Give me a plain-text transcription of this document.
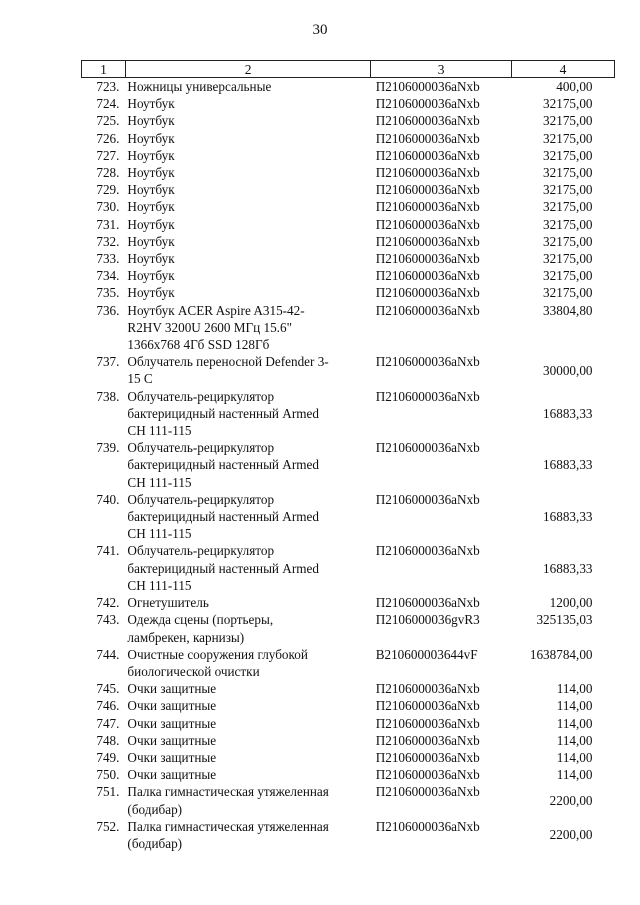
30
1	2	3	4
723.	Ножницы универсальные	П2106000036aNxb	400,00
724.	Ноутбук	П2106000036aNxb	32175,00
725.	Ноутбук	П2106000036aNxb	32175,00
726.	Ноутбук	П2106000036aNxb	32175,00
727.	Ноутбук	П2106000036aNxb	32175,00
728.	Ноутбук	П2106000036aNxb	32175,00
729.	Ноутбук	П2106000036aNxb	32175,00
730.	Ноутбук	П2106000036aNxb	32175,00
731.	Ноутбук	П2106000036aNxb	32175,00
732.	Ноутбук	П2106000036aNxb	32175,00
733.	Ноутбук	П2106000036aNxb	32175,00
734.	Ноутбук	П2106000036aNxb	32175,00
735.	Ноутбук	П2106000036aNxb	32175,00
736.	Ноутбук ACER Aspire A315-42-
R2HV 3200U 2600 МГц 15.6"
1366x768 4Гб SSD 128Гб	П2106000036aNxb	33804,80
737.	Облучатель переносной Defender 3-
15 С	П2106000036aNxb	30000,00
738.	Облучатель-рециркулятор
бактерицидный настенный Armed
СН 111-115	П2106000036aNxb	16883,33
739.	Облучатель-рециркулятор
бактерицидный настенный Armed
СН 111-115	П2106000036aNxb	16883,33
740.	Облучатель-рециркулятор
бактерицидный настенный Armed
СН 111-115	П2106000036aNxb	16883,33
741.	Облучатель-рециркулятор
бактерицидный настенный Armed
СН 111-115	П2106000036aNxb	16883,33
742.	Огнетушитель	П2106000036aNxb	1200,00
743.	Одежда сцены (портьеры,
ламбрекен, карнизы)	П2106000036gvR3	325135,03
744.	Очистные сооружения глубокой
биологической очистки	В210600003644vF	1638784,00
745.	Очки защитные	П2106000036aNxb	114,00
746.	Очки защитные	П2106000036aNxb	114,00
747.	Очки защитные	П2106000036aNxb	114,00
748.	Очки защитные	П2106000036aNxb	114,00
749.	Очки защитные	П2106000036aNxb	114,00
750.	Очки защитные	П2106000036aNxb	114,00
751.	Палка гимнастическая утяжеленная
(бодибар)	П2106000036aNxb	2200,00
752.	Палка гимнастическая утяжеленная
(бодибар)	П2106000036aNxb	2200,00
